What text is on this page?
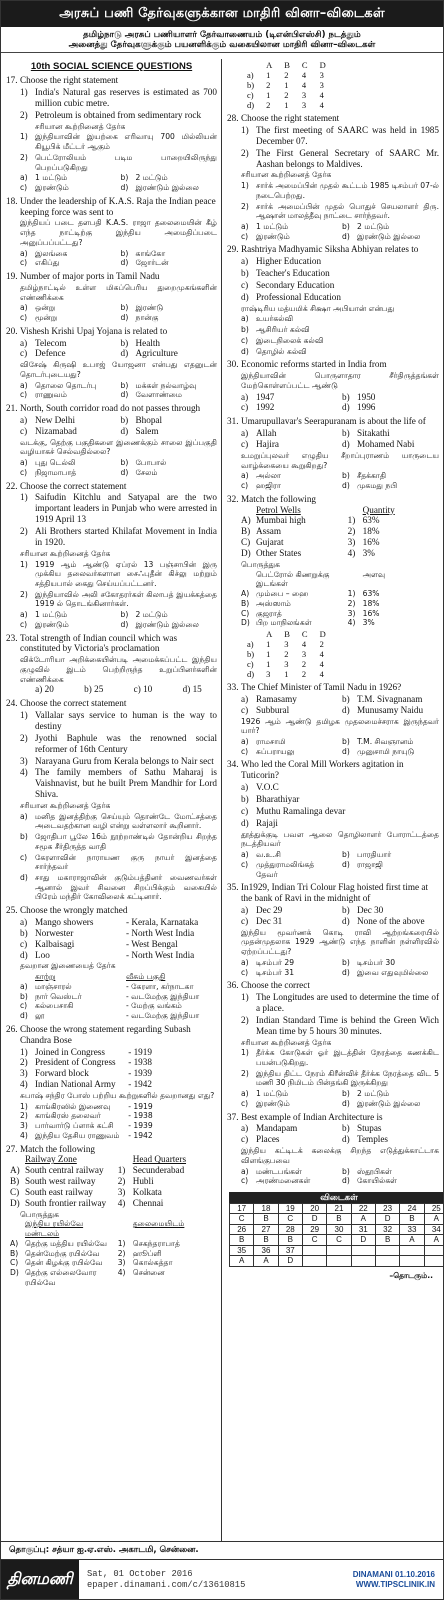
அரசுப் பணி தேர்வுகளுக்கான மாதிரி வினா–விடைகள்
தமிழ்நாடு அரசுப் பணியாளர் தேர்வாணையம் (டிஎன்பிஎஸ்சி) நடத்தும்
அனைத்து தேர்வுகளுக்கும் பயனளிக்கும் வகையிலான மாதிரி வினா–விடைகள்
10th SOCIAL SCIENCE QUESTIONS
17. Choose the right statement
1) India's Natural gas reserves is estimated as 700 million cubic metre.
2) Petroleum is obtained from sedimentary rock
சரியான கூற்றினைத் தேர்க
1) இந்தியாவின் இயற்கை எரிவாயு 700 மில்லியன் கியூபிக் மீட்டர் ஆகும்
2) பெட்ரோலியம் படிம பாறையிலிருந்து பெறப்படுகிறது
a) 1 மட்டும்	b) 2 மட்டும்
c)	இரண்டும்	d) இரண்டும் இல்லை
18. Under the leadership of K.A.S. Raja the Indian peace keeping force was sent to
இந்தியப் படை தளபதி K.A.S. ராஜா தலைமையின் கீழ் எந்த நாட்டிற்கு இந்திய அமைதிப்படை அனுப்பப்பட்டது?
a) இலங்கை	b) காங்கோ
c)	எகிப்து	d) ஜோர்டன்
19. Number of major ports in Tamil Nadu
தமிழ்நாட்டில் உள்ள மிகப்பெரிய துறைமுகங்களின் எண்ணிக்கை
a) ஒன்று	b) இரண்டு
c)	மூன்று	d) நான்கு
20. Vishesh Krishi Upaj Yojana is related to
a) Telecom	b) Health
c) Defence	d) Agriculture
விசேஷ் கிருஷி உபாஜ் யோஜனா என்பது எதனுடன் தொடர்புடையது?
a) தொலை தொடர்பு	b) மக்கள் நல்வாழ்வு
c)	ராணுவம்	d) வேளாண்மை
21. North, South corridor road do not passes through
a) New Delhi	b) Bhopal
c) Nizamabad	d) Salem
வடக்கு, தெற்கு பகுதிகளை இணைக்கும் சாலை இப்பகுதி வழியாகச் செல்வதில்லை?
a) புது டெல்லி	b) போபால்
c)	நிஜாமாபாத்	d) சேலம்
22. Choose the correct statement
1) Saifudin Kitchlu and Satyapal are the two important leaders in Punjab who were arrested in 1919 April 13
2) Ali Brothers started Khilafat Movement in India in 1920.
சரியான கூற்றினைத் தேர்க
1) 1919 ஆம் ஆண்டு ஏப்ரல் 13 பஞ்சாபின் இரு முக்கிய தலைவர்களான சைஃபுதீன் கிச்லு மற்றும் சத்தியபால் கைது செய்யப்பட்டனர்.
2) இந்தியாவில் அலி சகோதரர்கள் கிலாபத் இயக்கத்தை 1919 ல் தொடங்கினார்கள்.
a) 1 மட்டும்	b) 2 மட்டும்
c)	இரண்டும்	d) இரண்டும் இல்லை
23. Total strength of Indian council which was constituted by Victoria's proclamation
விக்டோரியா அறிக்கையின்படி அமைக்கப்பட்ட இந்திய குழுவில் இடம் பெற்றிருந்த உறுப்பினர்களின் எண்ணிக்கை
a) 20	b) 25	c) 10	d) 15
24. Choose the correct statement
1) Vallalar says service to human is the way to destiny
2) Jyothi Baphule was the renowned social reformer of 16th Century
3) Narayana Guru from Kerala belongs to Nair sect
4) The family members of Sathu Maharaj is Vaishnavist, but he built Prem Mandhir for Lord Shiva.
சரியான கூற்றினைத் தேர்க
a) மனித இனத்திற்கு செய்யும் தொண்டே மோட்சத்தை அடைவதற்கான வழி என்று வள்ளலார் கூறினார்.
b) ஜோதிபா பூலே 16ம் நூற்றாண்டில் தோன்றிய சிறந்த சமூக சீர்திருத்த வாதி
c)	கேரளாவின் நாராயண குரு நாயர் இனத்தை சார்ந்தவர்
d) சாது மகாராஜாவின் குடும்பத்தினர் வைணவர்கள் ஆனால் இவர் சிவனை சிறப்பிக்கும் வகையில் பிரேம் மந்திர் கோவிலைக் கட்டினார்.
25. Choose the wrongly matched
a) Mango showers	- Kerala, Karnataka
b) Norwester	- North West India
c) Kalbaisagi	- West Bengal
d) Loo	- North West India
தவறான இணையைத் தேர்க
காற்று	வீசும் பகுதி
a) மாஞ்சாரல்	- கேரளா, கர்நாடகா
b) நார் வெஸ்டர்	- வடமேற்கு இந்தியா
c)	கல்பைசாகி	- மேற்கு வங்கம்
d) லூ	- வடமேற்கு இந்தியா
26. Choose the wrong statement regarding Subash Chandra Bose
1) Joined in Congress	- 1919
2) President of Congress	- 1938
3) Forward block	- 1939
4) Indian National Army	- 1942
சுபாஷ் சந்திர போஸ் பற்றிய கூற்றுகளில் தவறானது எது?
1) காங்கிரஸில் இணைவு	- 1919
2) காங்கிரஸ் தலைவர்	- 1938
3) பார்வார்டு ப்ளாக் கட்சி	- 1939
4) இந்திய தேசிய ராணுவம்	- 1942
27. Match the following
Railway Zone	Head Quarters
A) South central railway	1) Secunderabad
B) South west railway	2) Hubli
C) South east railway	3) Kolkata
D) South frontier railway	4) Chennai
பொருத்துக
இந்திய ரயில்வே மண்டலம்
தலைமையிடம்
A) தெற்கு மத்திய ரயில்வே	1) செகந்தராபாத்
B) தென்மேற்கு ரயில்வே	2) ஹூப்ளி
C) தென் கிழக்கு ரயில்வே	3) கொல்கத்தா
D) தெற்கு எல்லைவோர ரயில்வே
4) சென்னை
	A	B	C	D
a)	1	2	4	3
b)	2	1	4	3
c)	1	2	3	4
d)	2	1	3	4
28. Choose the right statement
1) The first meeting of SAARC was held in 1985 December 07.
2) The First General Secretary of SAARC Mr. Aashan belongs to Maldives.
சரியான கூற்றினைத் தேர்க
1) சார்க் அமைப்பின் முதல் கூட்டம் 1985 டிசம்பர் 07-ல் நடைபெற்றது.
2) சார்க் அமைப்பின் முதல் பொதுச் செயலாளர் திரு. ஆஷான் மாலத்தீவு நாட்டை சார்ந்தவர்.
a) 1 மட்டும்	b) 2 மட்டும்
c)	இரண்டும்	d) இரண்டும் இல்லை
29. Rashtriya Madhyamic Siksha Abhiyan relates to
a) Higher Education
b) Teacher's Education
c) Secondary Education
d) Professional Education
ராஷ்டிரிய மத்யமிக் சிக்ஷா அபியான் என்பது
a) உயர்கல்வி
b) ஆசிரியர் கல்வி
c)	இடைநிலைக் கல்வி
d) தொழில் கல்வி
30. Economic reforms started in India from
இந்தியாவின் பொருளாதார சீர்திருத்தங்கள் மேற்கொள்ளப்பட்ட ஆண்டு
a) 1947	b) 1950
c) 1992	d) 1996
31. Umarupullavar's Seerapuranam is about the life of
a) Allah	b) Sitakathi
c) Hajira	d) Mohamed Nabi
உமறுப்புலவர் எழுதிய சீறாப்புராணம் யாருடைய வாழ்க்கையை கூறுகிறது?
a) அல்லா	b) சீதக்காதி
c)	ஹஜிரா	d) முகமது நபி
32. Match the following
Petrol Wells	Quantity
A) Mumbai high	1) 63%
B) Assam	2) 18%
C) Gujarat	3) 16%
D) Other States	4) 3%
பொருத்துக
பெட்ரோல் கிணறுக்கு இடங்கள்
அளவு
A) மும்பை – ஹை	1) 63%
B) அஸ்ஸாம்	2) 18%
C) குஜராத்	3) 16%
D) பிற மாநிலங்கள்	4) 3%
	A	B	C	D
a)	1	3	4	2
b)	1	2	3	4
c)	1	3	2	4
d)	3	1	2	4
33. The Chief Minister of Tamil Nadu in 1926?
a) Ramasamy	b) T.M. Sivagnanam
c) Subbural	d) Munusamy Naidu
1926 ஆம் ஆண்டு தமிழக முதலமைச்சராக இருந்தவர் யார்?
a) ராமசாமி	b) T.M. சிவஞானம்
c)	சுப்பராயலு	d) முனுசாமி நாயுடு
34. Who led the Coral Mill Workers agitation in Tuticorin?
a) V.O.C
b) Bharathiyar
c) Muthu Ramalinga devar
d) Rajaji
தூத்துக்குடி பவள ஆலை தொழிலாளர் போராட்டத்தை நடத்தியவர்
a) வ.உ.சி	b) பாரதியார்
c)	முத்துராமலிங்கத் தேவர்
d) ராஜாஜி
35. In1929, Indian Tri Colour Flag hoisted first time at the bank of Ravi in the midnight of
a) Dec 29	b) Dec 30
c) Dec 31	d) None of the above
இந்திய மூவர்ணக் கொடி ராவி ஆற்றங்கரையில் முதன்முதலாக 1929 ஆண்டு எந்த நாளின் நள்ளிரவில் ஏற்றப்பட்டது?
a) டிசம்பர் 29	b) டிசம்பர் 30
c)	டிசம்பர் 31	d) இவை எதுவுமில்லை
36. Choose the correct
1) The Longitudes are used to determine the time of a place.
2) Indian Standard Time is behind the Green Wich Mean time by 5 hours 30 minutes.
சரியான கூற்றினைத் தேர்க
1) தீர்க்க கோடுகள் ஓர் இடத்தின் நேரத்தை கணக்கிட பயன்படுகிறது.
2) இந்திய திட்ட நேரம் கிரீன்விச் தீர்க்க நேரத்தை விட 5 மணி 30 நிமிடம் பின்தங்கி இருக்கிறது
a) 1 மட்டும்	b) 2 மட்டும்
c)	இரண்டும்	d) இரண்டும் இல்லை
37. Best example of Indian Architecture is
a) Mandapam	b) Stupas
c) Places	d) Temples
இந்திய கட்டிடக் கலைக்கு சிறந்த எடுத்துக்காட்டாக விளங்குபவை
a) மண்டபங்கள்	b) ஸ்தூபிகள்
c)	அரண்மனைகள்	d) கோயில்கள்
விடைகள்
17	18	19	20	21	22	23	24	25
C	B	C	D	B	A	D	B	A
26	27	28	29	30	31	32	33	34
B	B	B	C	C	D	B	A	A
35	36	37						
A	A	D						
–தொடரும்..
தொகுப்பு: சத்யா ஐ.ஏ.எஸ். அகாடமி, சென்னை.
தினமணி	Sat, 01 October 2016
epaper.dinamani.com/c/13610815
DINAMANI 01.10.2016
WWW.TIPSCLINIK.IN
